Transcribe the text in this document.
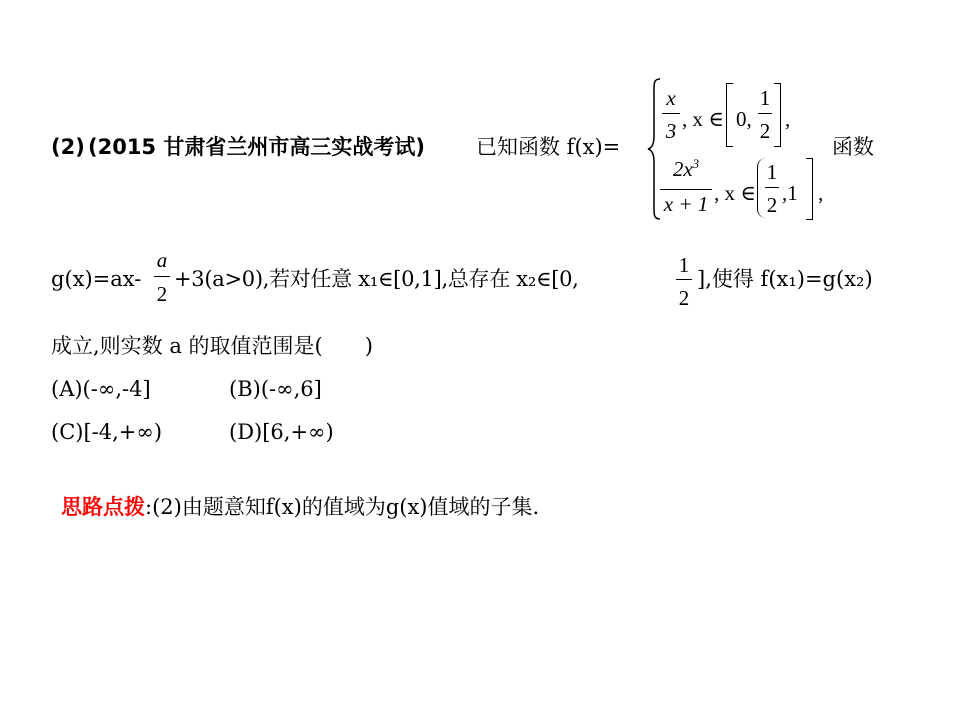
(2) (2015 甘肃省兰州市高三实战考试) 已知函数 f(x)=
x
3 , x ∈ 0,
1
2 ,
$2x^3$
x + 1 , x ∈
1
2 ,1 ,
函数
g(x)=ax-
a
2
+3(a>0),若对任意 x₁∈[0,1],总存在 x₂∈[0,
1
2
],使得 f(x₁)=g(x₂)
成立,则实数 a 的取值范围是(　　)
(A)(-∞,-4]	(B)(-∞,6]
(C)[-4,+∞)	(D)[6,+∞)
思路点拨:(2)由题意知f(x)的值域为g(x)值域的子集.
